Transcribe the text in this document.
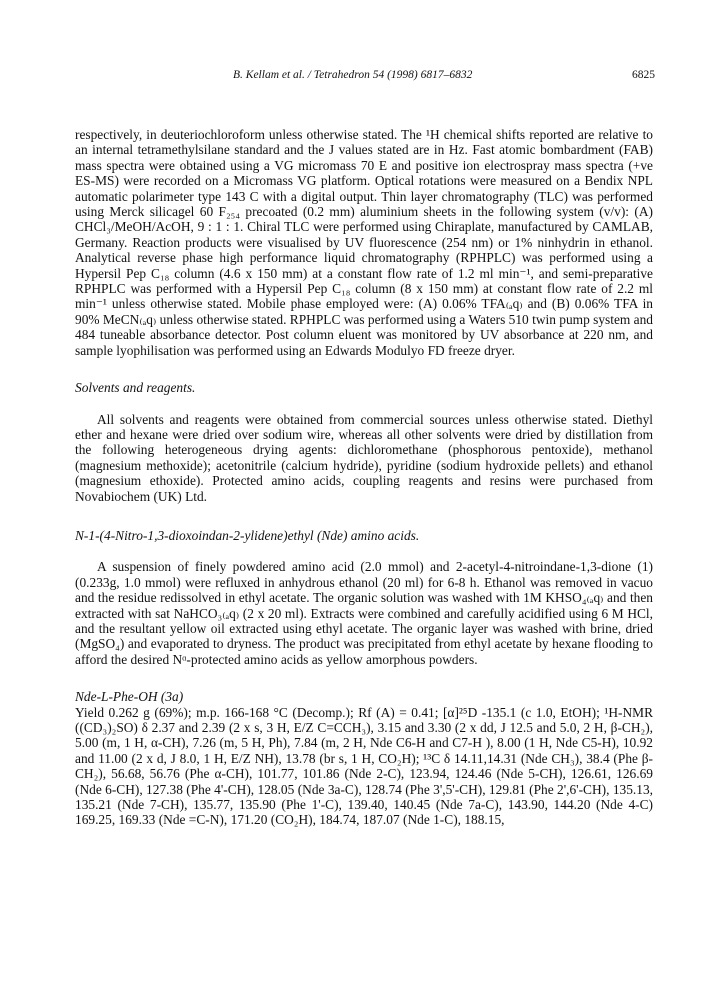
B. Kellam et al. / Tetrahedron 54 (1998) 6817–6832	6825

respectively, in deuteriochloroform unless otherwise stated. The ¹H chemical shifts reported are relative to an internal tetramethylsilane standard and the J values stated are in Hz. Fast atomic bombardment (FAB) mass spectra were obtained using a VG micromass 70 E and positive ion electrospray mass spectra (+ve ES-MS) were recorded on a Micromass VG platform. Optical rotations were measured on a Bendix NPL automatic polarimeter type 143 C with a digital output. Thin layer chromatography (TLC) was performed using Merck silicagel 60 F₂₅₄ precoated (0.2 mm) aluminium sheets in the following system (v/v): (A) CHCl₃/MeOH/AcOH, 9 : 1 : 1. Chiral TLC were performed using Chiraplate, manufactured by CAMLAB, Germany. Reaction products were visualised by UV fluorescence (254 nm) or 1% ninhydrin in ethanol. Analytical reverse phase high performance liquid chromatography (RPHPLC) was performed using a Hypersil Pep C₁₈ column (4.6 x 150 mm) at a constant flow rate of 1.2 ml min⁻¹, and semi-preparative RPHPLC was performed with a Hypersil Pep C₁₈ column (8 x 150 mm) at constant flow rate of 2.2 ml min⁻¹ unless otherwise stated. Mobile phase employed were: (A) 0.06% TFA₍ₐq₎ and (B) 0.06% TFA in 90% MeCN₍ₐq₎ unless otherwise stated. RPHPLC was performed using a Waters 510 twin pump system and 484 tuneable absorbance detector. Post column eluent was monitored by UV absorbance at 220 nm, and sample lyophilisation was performed using an Edwards Modulyo FD freeze dryer.

Solvents and reagents.

All solvents and reagents were obtained from commercial sources unless otherwise stated. Diethyl ether and hexane were dried over sodium wire, whereas all other solvents were dried by distillation from the following heterogeneous drying agents: dichloromethane (phosphorous pentoxide), methanol (magnesium methoxide); acetonitrile (calcium hydride), pyridine (sodium hydroxide pellets) and ethanol (magnesium ethoxide). Protected amino acids, coupling reagents and resins were purchased from Novabiochem (UK) Ltd.

N-1-(4-Nitro-1,3-dioxoindan-2-ylidene)ethyl (Nde) amino acids.

A suspension of finely powdered amino acid (2.0 mmol) and 2-acetyl-4-nitroindane-1,3-dione (1) (0.233g, 1.0 mmol) were refluxed in anhydrous ethanol (20 ml) for 6-8 h. Ethanol was removed in vacuo and the residue redissolved in ethyl acetate. The organic solution was washed with 1M KHSO₄₍ₐq₎ and then extracted with sat NaHCO₃₍ₐq₎ (2 x 20 ml). Extracts were combined and carefully acidified using 6 M HCl, and the resultant yellow oil extracted using ethyl acetate. The organic layer was washed with brine, dried (MgSO₄) and evaporated to dryness. The product was precipitated from ethyl acetate by hexane flooding to afford the desired Nᵅ-protected amino acids as yellow amorphous powders.

Nde-L-Phe-OH (3a)

Yield 0.262 g (69%); m.p. 166-168 °C (Decomp.); Rf (A) = 0.41; [α]²⁵D -135.1 (c 1.0, EtOH); ¹H-NMR ((CD₃)₂SO) δ 2.37 and 2.39 (2 x s, 3 H, E/Z C=CCH₃), 3.15 and 3.30 (2 x dd, J 12.5 and 5.0, 2 H, β-CH₂), 5.00 (m, 1 H, α-CH), 7.26 (m, 5 H, Ph), 7.84 (m, 2 H, Nde C6-H and C7-H ), 8.00 (1 H, Nde C5-H), 10.92 and 11.00 (2 x d, J 8.0, 1 H, E/Z NH), 13.78 (br s, 1 H, CO₂H); ¹³C δ 14.11,14.31 (Nde CH₃), 38.4 (Phe β-CH₂), 56.68, 56.76 (Phe α-CH), 101.77, 101.86 (Nde 2-C), 123.94, 124.46 (Nde 5-CH), 126.61, 126.69 (Nde 6-CH), 127.38 (Phe 4'-CH), 128.05 (Nde 3a-C), 128.74 (Phe 3',5'-CH), 129.81 (Phe 2',6'-CH), 135.13, 135.21 (Nde 7-CH), 135.77, 135.90 (Phe 1'-C), 139.40, 140.45 (Nde 7a-C), 143.90, 144.20 (Nde 4-C) 169.25, 169.33 (Nde =C-N), 171.20 (CO₂H), 184.74, 187.07 (Nde 1-C), 188.15,
